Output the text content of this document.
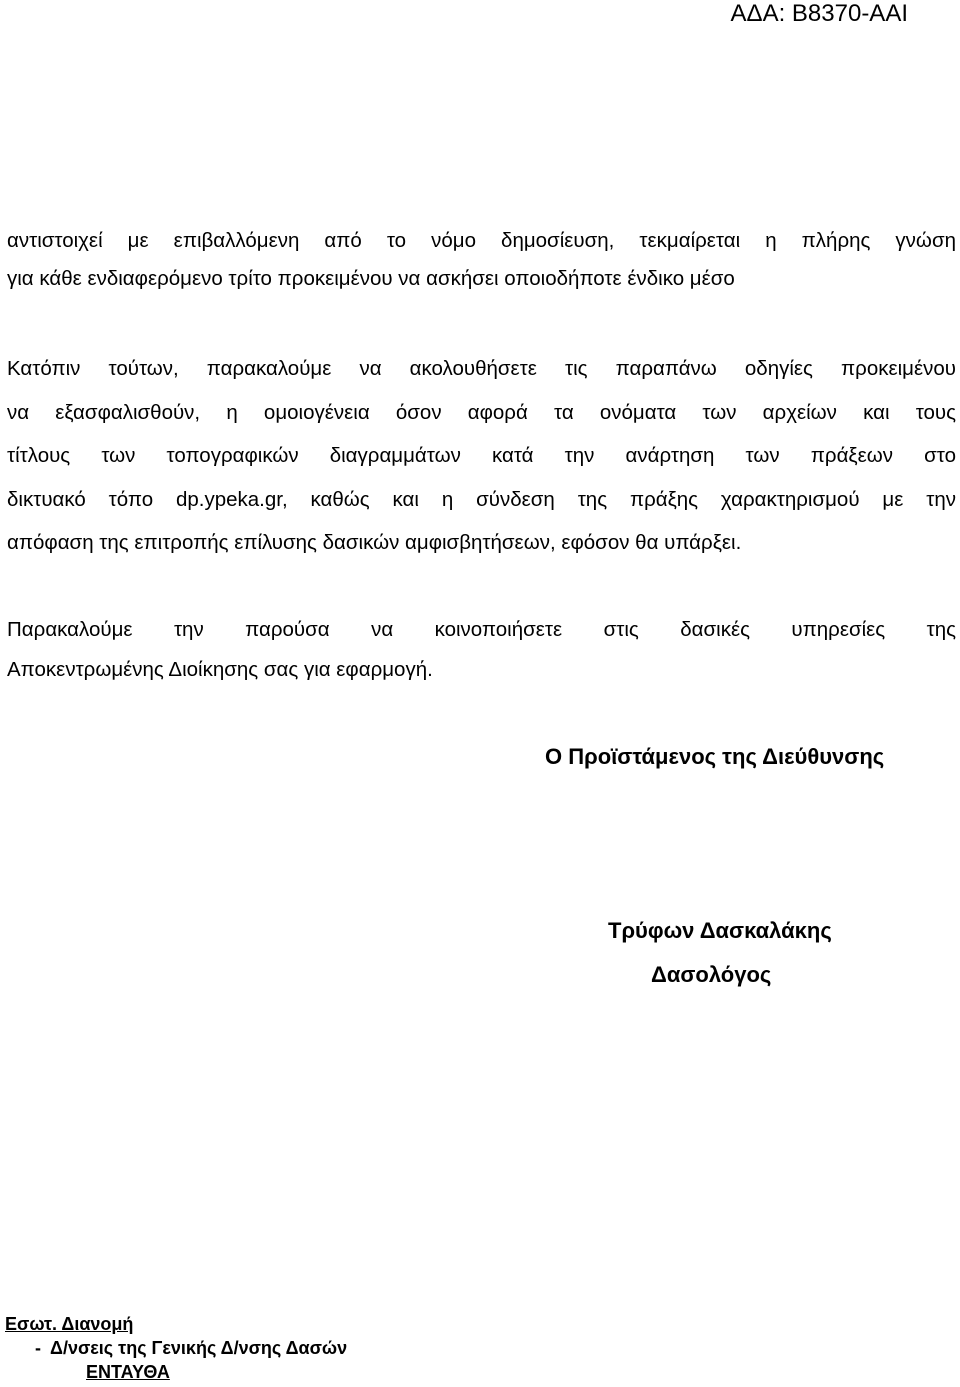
ΑΔΑ: Β8370-ΑΑΙ
αντιστοιχεί με επιβαλλόμενη από το νόμο δημοσίευση, τεκμαίρεται η πλήρης γνώση
για κάθε ενδιαφερόμενο τρίτο προκειμένου να ασκήσει οποιοδήποτε ένδικο μέσο
Κατόπιν τούτων, παρακαλούμε να ακολουθήσετε τις παραπάνω οδηγίες προκειμένου
να εξασφαλισθούν, η ομοιογένεια όσον αφορά τα ονόματα των αρχείων και τους
τίτλους των τοπογραφικών διαγραμμάτων κατά την ανάρτηση των πράξεων στο
δικτυακό τόπο dp.ypeka.gr, καθώς και η σύνδεση της πράξης χαρακτηρισμού με την
απόφαση της επιτροπής επίλυσης δασικών αμφισβητήσεων, εφόσον θα υπάρξει.
Παρακαλούμε την παρούσα να κοινοποιήσετε στις δασικές υπηρεσίες της
Αποκεντρωμένης Διοίκησης σας για εφαρμογή.
Ο Προϊστάμενος της Διεύθυνσης
Τρύφων Δασκαλάκης
Δασολόγος
Εσωτ. Διανομή
- Δ/νσεις της Γενικής Δ/νσης Δασών
ΕΝΤΑΥΘΑ
